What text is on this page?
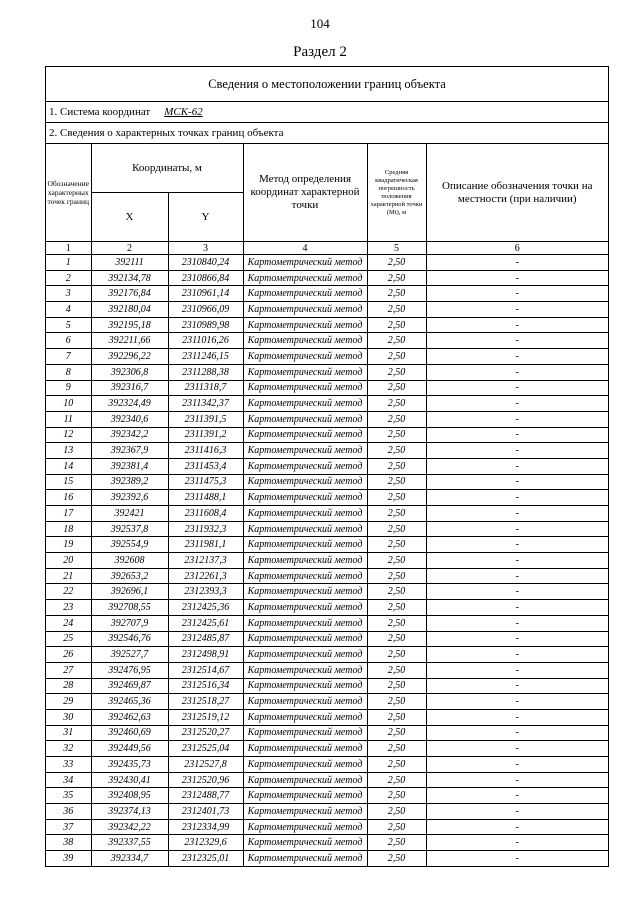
104
Раздел 2
Сведения о местоположении границ объекта
1. Система координат МСК-62
2. Сведения о характерных точках границ объекта
Обозначение характерных точек границ	Координаты, м		Метод определения координат характерной точки	Средняя квадратическая погрешность положения характерной точки (Mt), м	Описание обозначения точки на местности (при наличии)
	X	Y			
1	2	3	4	5	6
1	392111	2310840,24	Картометрический метод	2,50	-
2	392134,78	2310866,84	Картометрический метод	2,50	-
3	392176,84	2310961,14	Картометрический метод	2,50	-
4	392180,04	2310966,09	Картометрический метод	2,50	-
5	392195,18	2310989,98	Картометрический метод	2,50	-
6	392211,66	2311016,26	Картометрический метод	2,50	-
7	392296,22	2311246,15	Картометрический метод	2,50	-
8	392306,8	2311288,38	Картометрический метод	2,50	-
9	392316,7	2311318,7	Картометрический метод	2,50	-
10	392324,49	2311342,37	Картометрический метод	2,50	-
11	392340,6	2311391,5	Картометрический метод	2,50	-
12	392342,2	2311391,2	Картометрический метод	2,50	-
13	392367,9	2311416,3	Картометрический метод	2,50	-
14	392381,4	2311453,4	Картометрический метод	2,50	-
15	392389,2	2311475,3	Картометрический метод	2,50	-
16	392392,6	2311488,1	Картометрический метод	2,50	-
17	392421	2311608,4	Картометрический метод	2,50	-
18	392537,8	2311932,3	Картометрический метод	2,50	-
19	392554,9	2311981,1	Картометрический метод	2,50	-
20	392608	2312137,3	Картометрический метод	2,50	-
21	392653,2	2312261,3	Картометрический метод	2,50	-
22	392696,1	2312393,3	Картометрический метод	2,50	-
23	392708,55	2312425,36	Картометрический метод	2,50	-
24	392707,9	2312425,61	Картометрический метод	2,50	-
25	392546,76	2312485,87	Картометрический метод	2,50	-
26	392527,7	2312498,91	Картометрический метод	2,50	-
27	392476,95	2312514,67	Картометрический метод	2,50	-
28	392469,87	2312516,34	Картометрический метод	2,50	-
29	392465,36	2312518,27	Картометрический метод	2,50	-
30	392462,63	2312519,12	Картометрический метод	2,50	-
31	392460,69	2312520,27	Картометрический метод	2,50	-
32	392449,56	2312525,04	Картометрический метод	2,50	-
33	392435,73	2312527,8	Картометрический метод	2,50	-
34	392430,41	2312520,96	Картометрический метод	2,50	-
35	392408,95	2312488,77	Картометрический метод	2,50	-
36	392374,13	2312401,73	Картометрический метод	2,50	-
37	392342,22	2312334,99	Картометрический метод	2,50	-
38	392337,55	2312329,6	Картометрический метод	2,50	-
39	392334,7	2312325,01	Картометрический метод	2,50	-
